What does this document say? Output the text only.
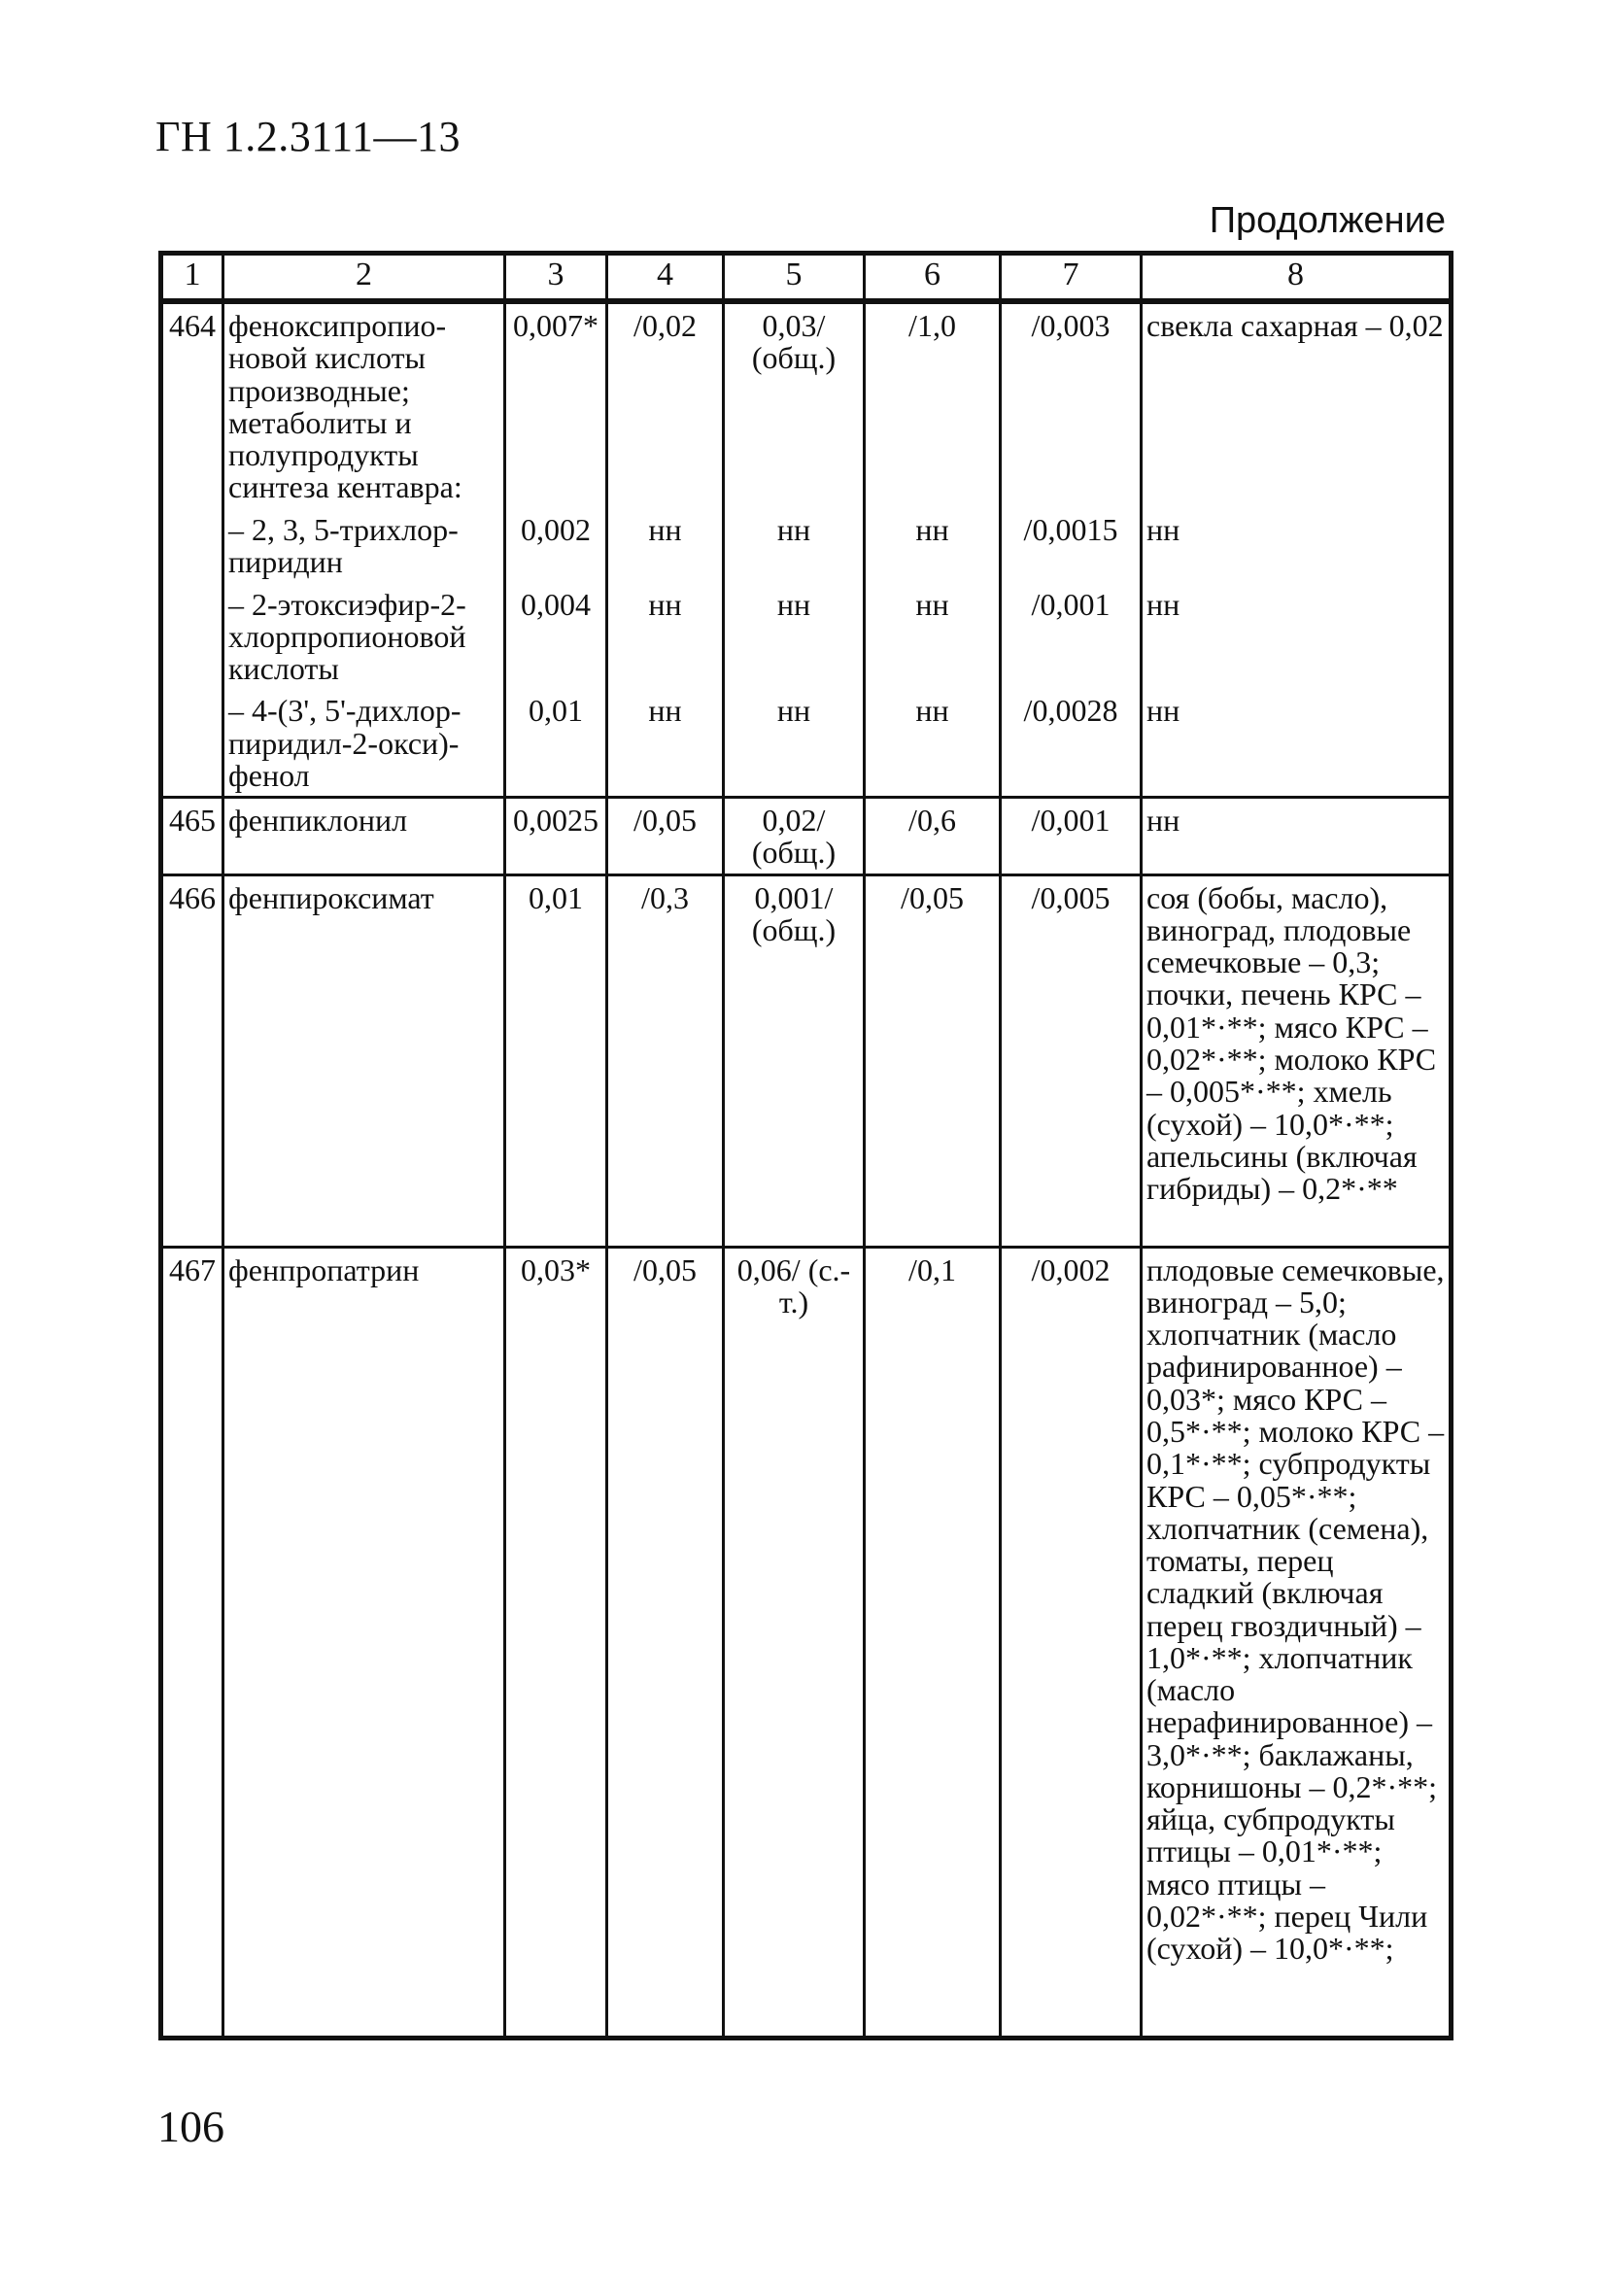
ГН 1.2.3111—13
Продолжение
1	2	3	4	5	6	7	8
464	феноксипропио-новой кислоты производные; метаболиты и полупродукты синтеза кентавра:	0,007*	/0,02	0,03/ (общ.)	/1,0	/0,003	свекла сахарная – 0,02
	– 2, 3, 5-трихлор-пиридин	0,002	нн	нн	нн	/0,0015	нн
	– 2-этоксиэфир-2-хлорпропионовой кислоты	0,004	нн	нн	нн	/0,001	нн
	– 4-(3', 5'-дихлор-пиридил-2-окси)-фенол	0,01	нн	нн	нн	/0,0028	нн
465	фенпиклонил	0,0025	/0,05	0,02/ (общ.)	/0,6	/0,001	нн
466	фенпироксимат	0,01	/0,3	0,001/ (общ.)	/0,05	/0,005	соя (бобы, масло), виноград, плодовые семечковые – 0,3; почки, печень КРС – 0,01*·**; мясо КРС – 0,02*·**; молоко КРС – 0,005*·**; хмель (сухой) – 10,0*·**; апельсины (включая гибриды) – 0,2*·**
467	фенпропатрин	0,03*	/0,05	0,06/ (с.-т.)	/0,1	/0,002	плодовые семечковые, виноград – 5,0; хлопчатник (масло рафинированное) – 0,03*; мясо КРС – 0,5*·**; молоко КРС – 0,1*·**; субпродукты КРС – 0,05*·**; хлопчатник (семена), томаты, перец сладкий (включая перец гвоздичный) – 1,0*·**; хлопчатник (масло нерафинированное) – 3,0*·**; баклажаны, корнишоны – 0,2*·**; яйца, субпродукты птицы – 0,01*·**; мясо птицы – 0,02*·**; перец Чили (сухой) – 10,0*·**;
106
